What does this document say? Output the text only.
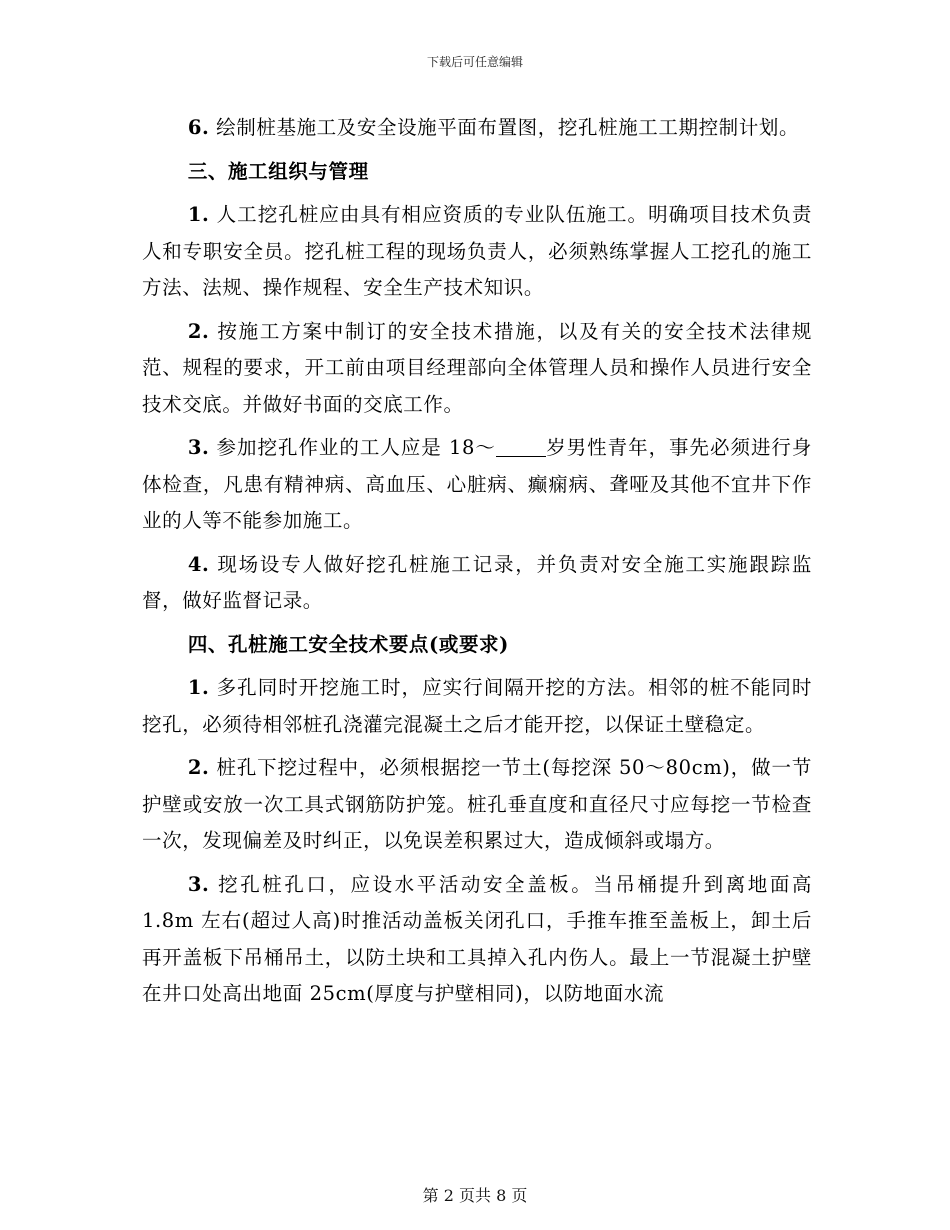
下载后可任意编辑

6. 绘制桩基施工及安全设施平面布置图，挖孔桩施工工期控制计划。

三、施工组织与管理

1. 人工挖孔桩应由具有相应资质的专业队伍施工。明确项目技术负责人和专职安全员。挖孔桩工程的现场负责人，必须熟练掌握人工挖孔的施工方法、法规、操作规程、安全生产技术知识。

2. 按施工方案中制订的安全技术措施，以及有关的安全技术法律规范、规程的要求，开工前由项目经理部向全体管理人员和操作人员进行安全技术交底。并做好书面的交底工作。

3. 参加挖孔作业的工人应是 18～	岁男性青年，事先必须进行身体检查，凡患有精神病、高血压、心脏病、癫痫病、聋哑及其他不宜井下作业的人等不能参加施工。

4. 现场设专人做好挖孔桩施工记录，并负责对安全施工实施跟踪监督，做好监督记录。

四、孔桩施工安全技术要点(或要求)

1. 多孔同时开挖施工时，应实行间隔开挖的方法。相邻的桩不能同时挖孔，必须待相邻桩孔浇灌完混凝土之后才能开挖，以保证土壁稳定。

2. 桩孔下挖过程中，必须根据挖一节土(每挖深 50～80cm)，做一节护壁或安放一次工具式钢筋防护笼。桩孔垂直度和直径尺寸应每挖一节检查一次，发现偏差及时纠正，以免误差积累过大，造成倾斜或塌方。

3. 挖孔桩孔口，应设水平活动安全盖板。当吊桶提升到离地面高 1.8m 左右(超过人高)时推活动盖板关闭孔口，手推车推至盖板上，卸土后再开盖板下吊桶吊土，以防土块和工具掉入孔内伤人。最上一节混凝土护壁在井口处高出地面 25cm(厚度与护壁相同)，以防地面水流

第 2 页共 8 页
